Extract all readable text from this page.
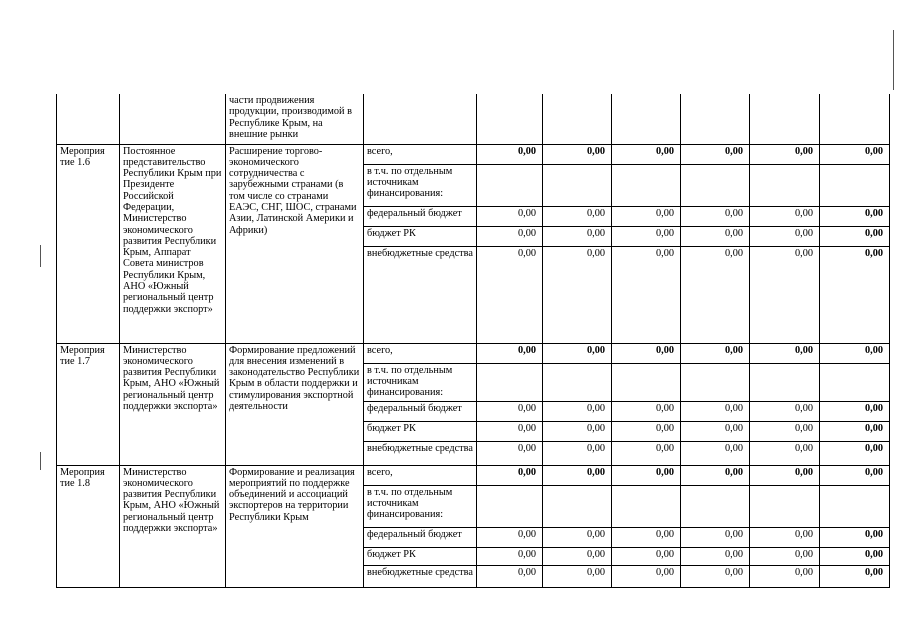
		части продвижения продукции, производимой в Республике Крым, на внешние рынки							
Мероприя тие 1.6	Постоянное представительство Республики Крым при Президенте Российской Федерации, Министерство экономического развития Республики Крым, Аппарат Совета министров Республики Крым, АНО «Южный региональный центр поддержки экспорт»	Расширение торгово-экономического сотрудничества с зарубежными странами (в том числе со странами ЕАЭС, СНГ, ШОС, странами Азии, Латинской Америки и Африки)	всего,	0,00	0,00	0,00	0,00	0,00	0,00
			в т.ч. по отдельным источникам финансирования:						
			федеральный бюджет	0,00	0,00	0,00	0,00	0,00	0,00
			бюджет РК	0,00	0,00	0,00	0,00	0,00	0,00
			внебюджетные средства	0,00	0,00	0,00	0,00	0,00	0,00
Мероприя тие 1.7	Министерство экономического развития Республики Крым, АНО «Южный региональный центр поддержки экспорта»	Формирование предложений для внесения изменений в законодательство Республики Крым в области поддержки и стимулирования экспортной деятельности	всего,	0,00	0,00	0,00	0,00	0,00	0,00
			в т.ч. по отдельным источникам финансирования:						
			федеральный бюджет	0,00	0,00	0,00	0,00	0,00	0,00
			бюджет РК	0,00	0,00	0,00	0,00	0,00	0,00
			внебюджетные средства	0,00	0,00	0,00	0,00	0,00	0,00
Мероприя тие 1.8	Министерство экономического развития Республики Крым, АНО «Южный региональный центр поддержки экспорта»	Формирование и реализация мероприятий по поддержке объединений и ассоциаций экспортеров на территории Республики Крым	всего,	0,00	0,00	0,00	0,00	0,00	0,00
			в т.ч. по отдельным источникам финансирования:						
			федеральный бюджет	0,00	0,00	0,00	0,00	0,00	0,00
			бюджет РК	0,00	0,00	0,00	0,00	0,00	0,00
			внебюджетные средства	0,00	0,00	0,00	0,00	0,00	0,00
